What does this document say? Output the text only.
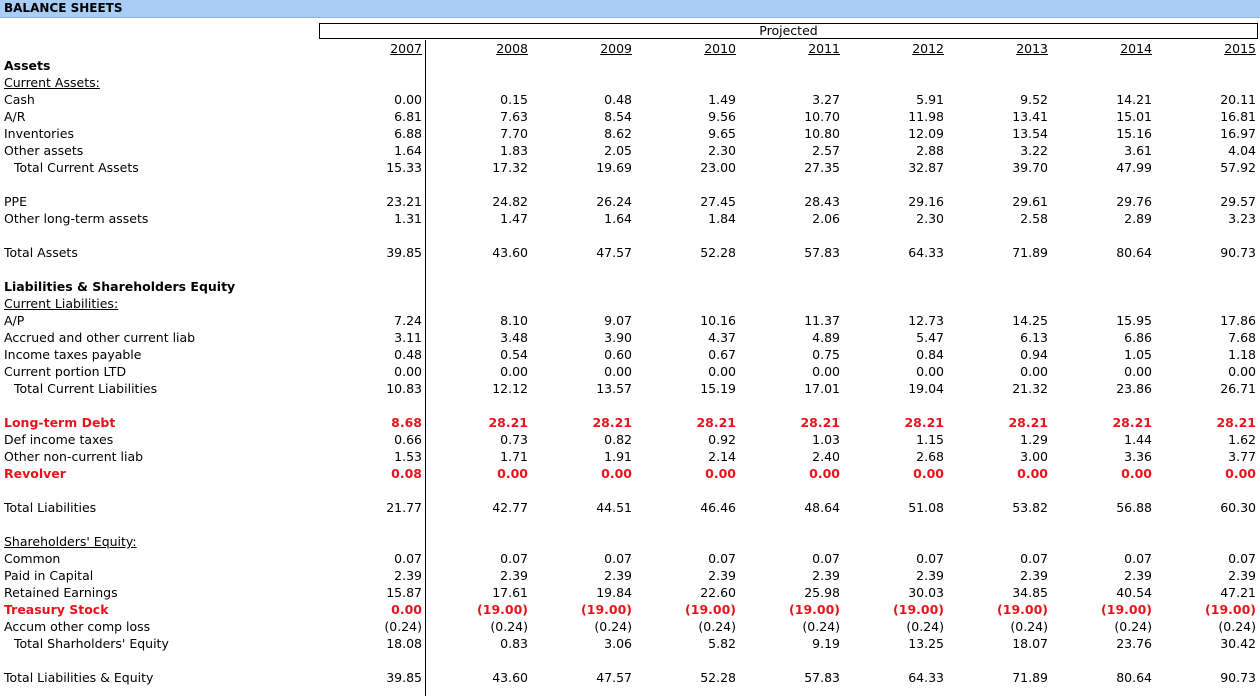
BALANCE SHEETS
Projected
2007	2008	2009	2010	2011	2012	2013	2014	2015
Assets
Current Assets:
Cash	0.00	0.15	0.48	1.49	3.27	5.91	9.52	14.21	20.11
A/R	6.81	7.63	8.54	9.56	10.70	11.98	13.41	15.01	16.81
Inventories	6.88	7.70	8.62	9.65	10.80	12.09	13.54	15.16	16.97
Other assets	1.64	1.83	2.05	2.30	2.57	2.88	3.22	3.61	4.04
Total Current Assets	15.33	17.32	19.69	23.00	27.35	32.87	39.70	47.99	57.92
PPE	23.21	24.82	26.24	27.45	28.43	29.16	29.61	29.76	29.57
Other long-term assets	1.31	1.47	1.64	1.84	2.06	2.30	2.58	2.89	3.23
Total Assets	39.85	43.60	47.57	52.28	57.83	64.33	71.89	80.64	90.73
Liabilities & Shareholders Equity
Current Liabilities:
A/P	7.24	8.10	9.07	10.16	11.37	12.73	14.25	15.95	17.86
Accrued and other current liab	3.11	3.48	3.90	4.37	4.89	5.47	6.13	6.86	7.68
Income taxes payable	0.48	0.54	0.60	0.67	0.75	0.84	0.94	1.05	1.18
Current portion LTD	0.00	0.00	0.00	0.00	0.00	0.00	0.00	0.00	0.00
Total Current Liabilities	10.83	12.12	13.57	15.19	17.01	19.04	21.32	23.86	26.71
Long-term Debt	8.68	28.21	28.21	28.21	28.21	28.21	28.21	28.21	28.21
Def income taxes	0.66	0.73	0.82	0.92	1.03	1.15	1.29	1.44	1.62
Other non-current liab	1.53	1.71	1.91	2.14	2.40	2.68	3.00	3.36	3.77
Revolver	0.08	0.00	0.00	0.00	0.00	0.00	0.00	0.00	0.00
Total Liabilities	21.77	42.77	44.51	46.46	48.64	51.08	53.82	56.88	60.30
Shareholders' Equity:
Common	0.07	0.07	0.07	0.07	0.07	0.07	0.07	0.07	0.07
Paid in Capital	2.39	2.39	2.39	2.39	2.39	2.39	2.39	2.39	2.39
Retained Earnings	15.87	17.61	19.84	22.60	25.98	30.03	34.85	40.54	47.21
Treasury Stock	0.00	(19.00)	(19.00)	(19.00)	(19.00)	(19.00)	(19.00)	(19.00)	(19.00)
Accum other comp loss	(0.24)	(0.24)	(0.24)	(0.24)	(0.24)	(0.24)	(0.24)	(0.24)	(0.24)
Total Sharholders' Equity	18.08	0.83	3.06	5.82	9.19	13.25	18.07	23.76	30.42
Total Liabilities & Equity	39.85	43.60	47.57	52.28	57.83	64.33	71.89	80.64	90.73
